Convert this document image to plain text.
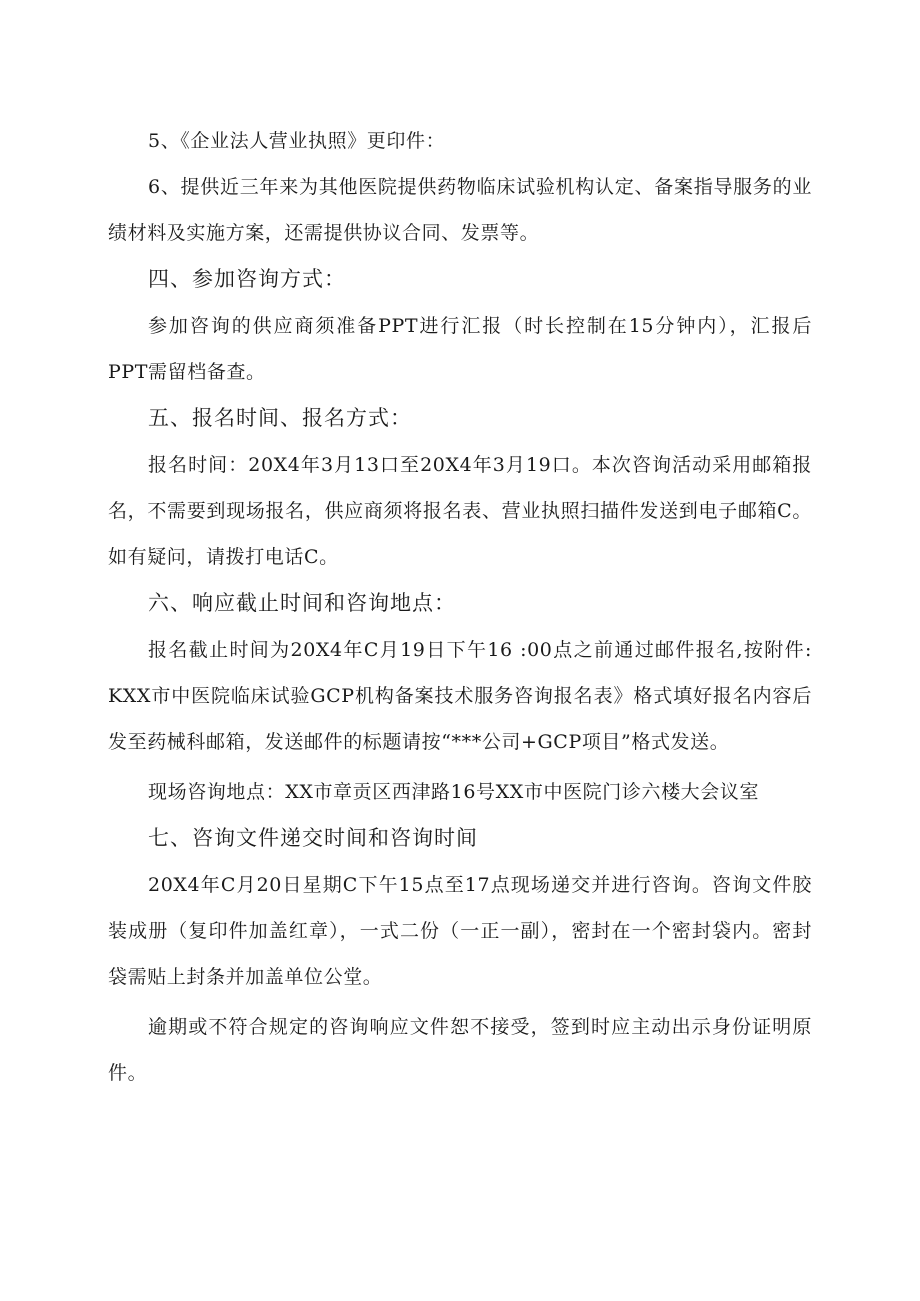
5、《企业法人营业执照》更印件：

6、提供近三年来为其他医院提供药物临床试验机构认定、备案指导服务的业绩材料及实施方案，还需提供协议合同、发票等。

四、参加咨询方式：

参加咨询的供应商须准备PPT进行汇报（时长控制在15分钟内），汇报后PPT需留档备查。

五、报名时间、报名方式：

报名时间：20X4年3月13口至20X4年3月19口。本次咨询活动采用邮箱报名，不需要到现场报名，供应商须将报名表、营业执照扫描件发送到电子邮箱C。如有疑问，请拨打电话C。

六、响应截止时间和咨询地点：

报名截止时间为20X4年C月19日下午16 :00点之前通过邮件报名,按附件: KXX市中医院临床试验GCP机构备案技术服务咨询报名表》格式填好报名内容后发至药械科邮箱，发送邮件的标题请按“***公司+GCP项目”格式发送。

现场咨询地点：XX市章贡区西津路16号XX市中医院门诊六楼大会议室

七、咨询文件递交时间和咨询时间

20X4年C月20日星期C下午15点至17点现场递交并进行咨询。咨询文件胶装成册（复印件加盖红章），一式二份（一正一副），密封在一个密封袋内。密封袋需贴上封条并加盖单位公堂。

逾期或不符合规定的咨询响应文件恕不接受，签到时应主动出示身份证明原件。
